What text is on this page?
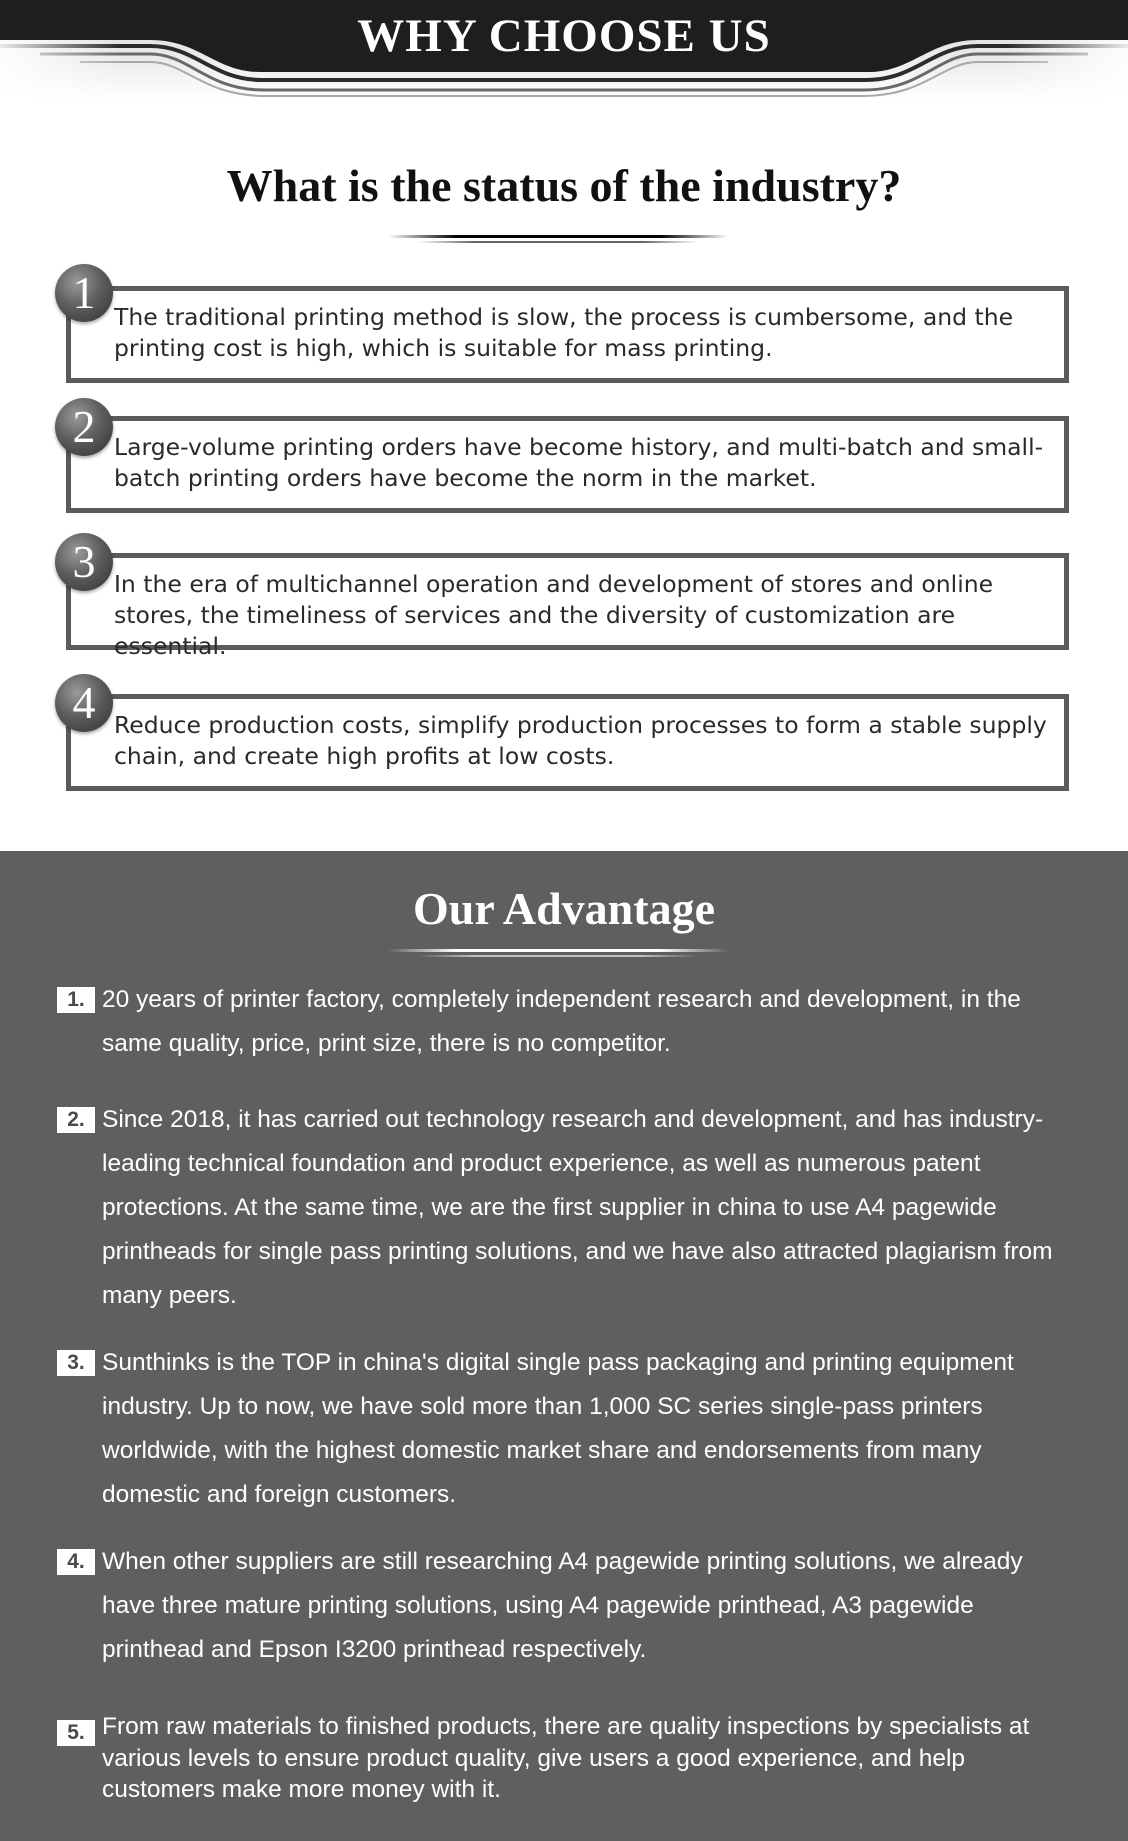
WHY CHOOSE US
What is the status of the industry?
1 The traditional printing method is slow, the process is cumbersome, and the printing cost is high, which is suitable for mass printing.
2 Large-volume printing orders have become history, and multi-batch and small-batch printing orders have become the norm in the market.
3 In the era of multichannel operation and development of stores and online stores, the timeliness of services and the diversity of customization are essential.
4 Reduce production costs, simplify production processes to form a stable supply chain, and create high profits at low costs.
Our Advantage
1. 20 years of printer factory, completely independent research and development, in the same quality, price, print size, there is no competitor.
2. Since 2018, it has carried out technology research and development, and has industry-leading technical foundation and product experience, as well as numerous patent protections. At the same time, we are the first supplier in china to use A4 pagewide printheads for single pass printing solutions, and we have also attracted plagiarism from many peers.
3. Sunthinks is the TOP in china's digital single pass packaging and printing equipment industry. Up to now, we have sold more than 1,000 SC series single-pass printers worldwide, with the highest domestic market share and endorsements from many domestic and foreign customers.
4. When other suppliers are still researching A4 pagewide printing solutions, we already have three mature printing solutions, using A4 pagewide printhead, A3 pagewide printhead and Epson I3200 printhead respectively.
5. From raw materials to finished products, there are quality inspections by specialists at various levels to ensure product quality, give users a good experience, and help customers make more money with it.
